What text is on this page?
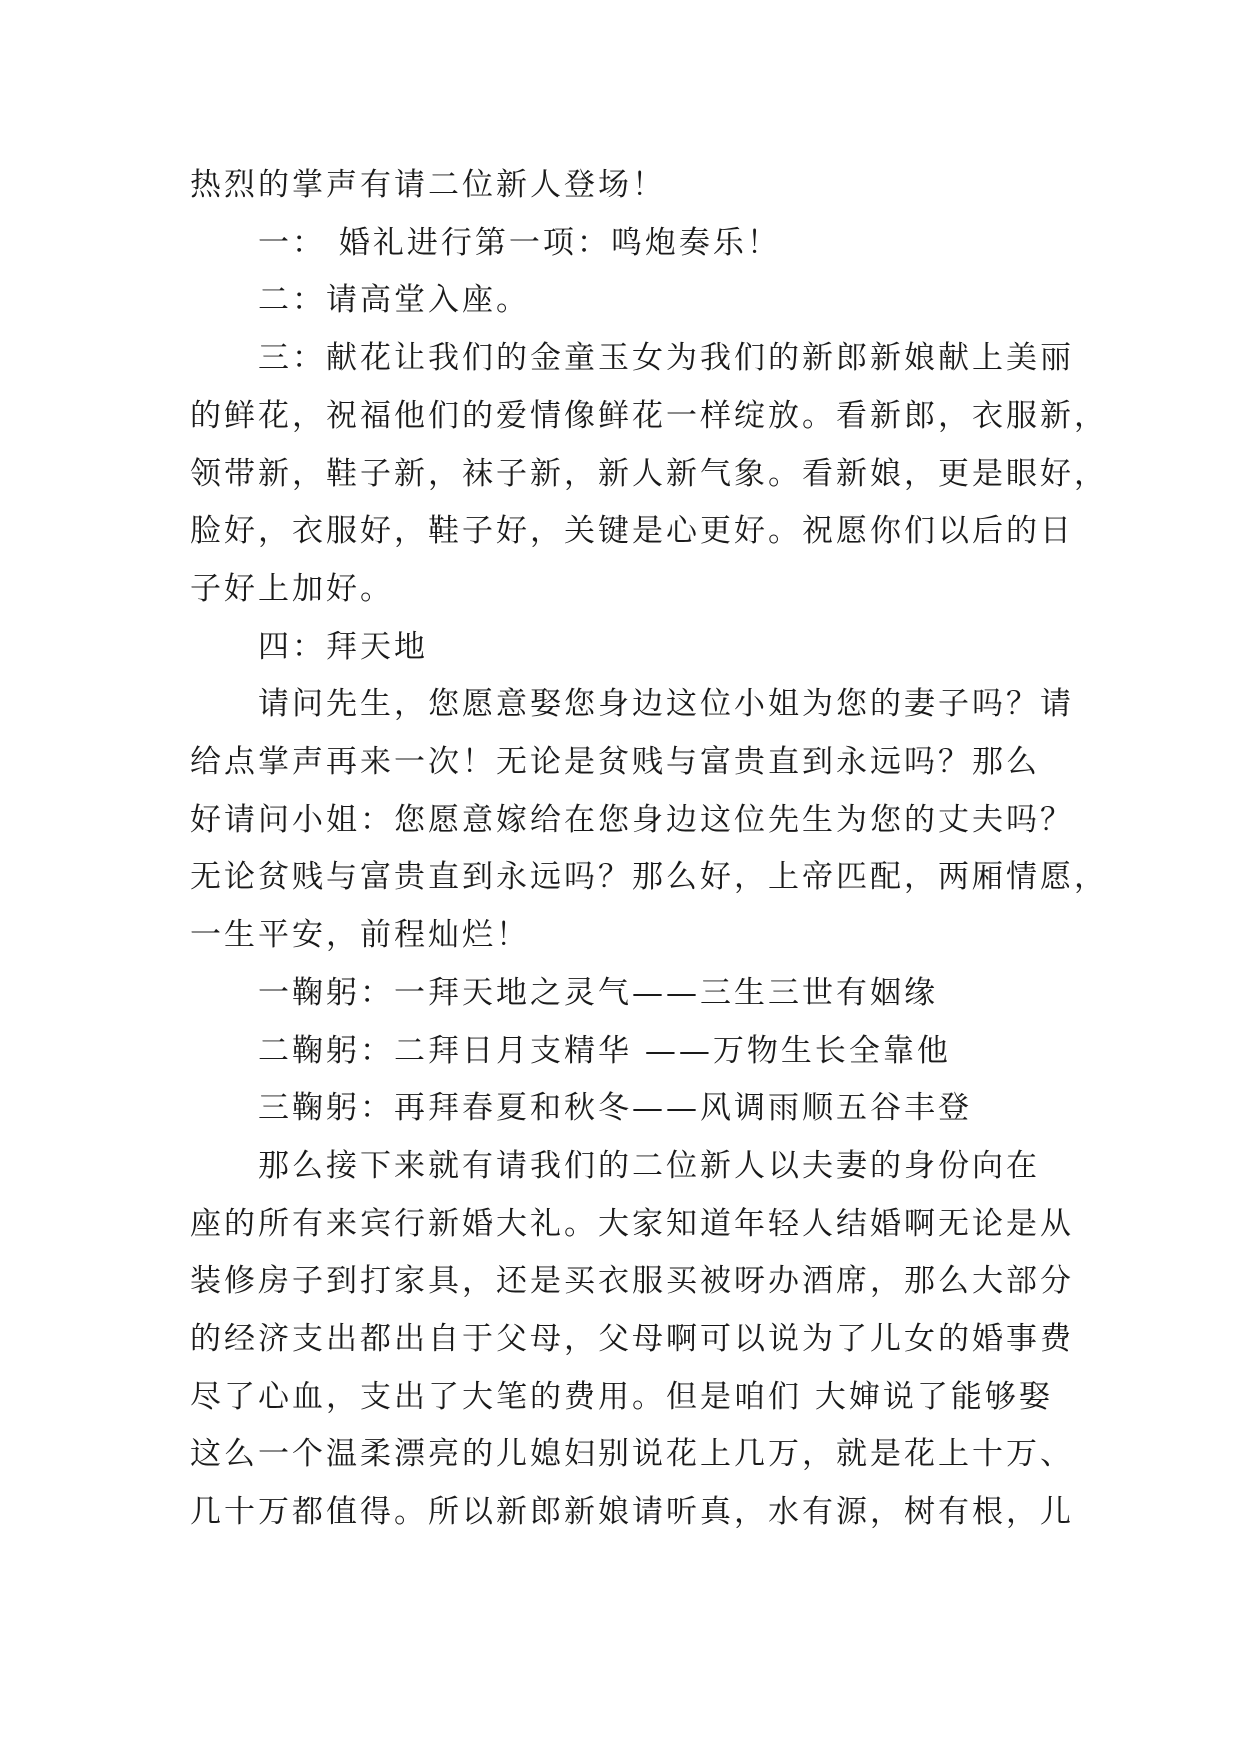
热烈的掌声有请二位新人登场！

一： 婚礼进行第一项：鸣炮奏乐！

二：请高堂入座。

三：献花让我们的金童玉女为我们的新郎新娘献上美丽

的鲜花，祝福他们的爱情像鲜花一样绽放。看新郎，衣服新，

领带新，鞋子新，袜子新，新人新气象。看新娘，更是眼好，

脸好，衣服好，鞋子好，关键是心更好。祝愿你们以后的日

子好上加好。

四：拜天地

请问先生，您愿意娶您身边这位小姐为您的妻子吗？请

给点掌声再来一次！无论是贫贱与富贵直到永远吗？那么

好请问小姐：您愿意嫁给在您身边这位先生为您的丈夫吗？

无论贫贱与富贵直到永远吗？那么好，上帝匹配，两厢情愿，

一生平安，前程灿烂！

一鞠躬：一拜天地之灵气——三生三世有姻缘

二鞠躬：二拜日月支精华 ——万物生长全靠他

三鞠躬：再拜春夏和秋冬——风调雨顺五谷丰登

那么接下来就有请我们的二位新人以夫妻的身份向在

座的所有来宾行新婚大礼。大家知道年轻人结婚啊无论是从

装修房子到打家具，还是买衣服买被呀办酒席，那么大部分

的经济支出都出自于父母，父母啊可以说为了儿女的婚事费

尽了心血，支出了大笔的费用。但是咱们 大婶说了能够娶

这么一个温柔漂亮的儿媳妇别说花上几万，就是花上十万、

几十万都值得。所以新郎新娘请听真，水有源，树有根，儿
